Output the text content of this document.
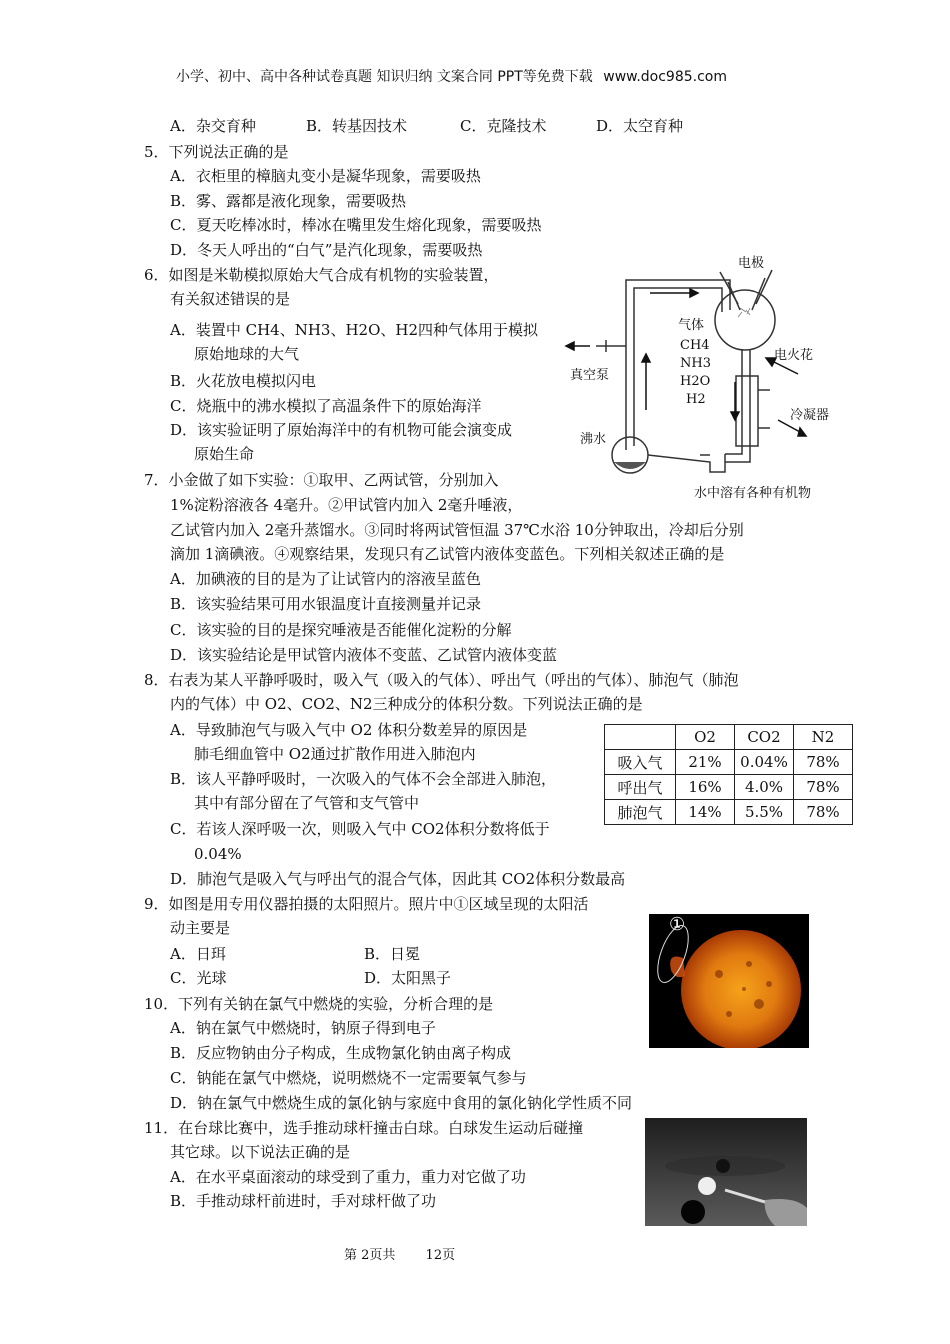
小学、初中、高中各种试卷真题 知识归纳 文案合同 PPT等免费下载 www.doc985.com
A．杂交育种	B．转基因技术	C．克隆技术	D．太空育种
5．下列说法正确的是
A．衣柜里的樟脑丸变小是凝华现象，需要吸热
B．雾、露都是液化现象，需要吸热
C．夏天吃棒冰时，棒冰在嘴里发生熔化现象，需要吸热
D．冬天人呼出的“白气”是汽化现象，需要吸热
6．如图是米勒模拟原始大气合成有机物的实验装置，
有关叙述错误的是
A．装置中 CH4、NH3、H2O、H2四种气体用于模拟
原始地球的大气
B．火花放电模拟闪电
C．烧瓶中的沸水模拟了高温条件下的原始海洋
D．该实验证明了原始海洋中的有机物可能会演变成
原始生命
电极
气体
CH4
NH3
H2O
H2
电火花
真空泵
冷凝器
沸水
水中溶有各种有机物
7．小金做了如下实验：①取甲、乙两试管，分别加入
1%淀粉溶液各 4毫升。②甲试管内加入 2毫升唾液，
乙试管内加入 2毫升蒸馏水。③同时将两试管恒温 37℃水浴 10分钟取出，冷却后分别
滴加 1滴碘液。④观察结果，发现只有乙试管内液体变蓝色。下列相关叙述正确的是
A．加碘液的目的是为了让试管内的溶液呈蓝色
B．该实验结果可用水银温度计直接测量并记录
C．该实验的目的是探究唾液是否能催化淀粉的分解
D．该实验结论是甲试管内液体不变蓝、乙试管内液体变蓝
8．右表为某人平静呼吸时，吸入气（吸入的气体）、呼出气（呼出的气体）、肺泡气（肺泡
内的气体）中 O2、CO2、N2三种成分的体积分数。下列说法正确的是
A．导致肺泡气与吸入气中 O2 体积分数差异的原因是
肺毛细血管中 O2通过扩散作用进入肺泡内
B．该人平静呼吸时，一次吸入的气体不会全部进入肺泡，
其中有部分留在了气管和支气管中
C．若该人深呼吸一次，则吸入气中 CO2体积分数将低于
0.04%
D．肺泡气是吸入气与呼出气的混合气体，因此其 CO2体积分数最高
	O2	CO2	N2
吸入气	21%	0.04%	78%
呼出气	16%	4.0%	78%
肺泡气	14%	5.5%	78%
9．如图是用专用仪器拍摄的太阳照片。照片中①区域呈现的太阳活
动主要是
A．日珥	B．日冕
C．光球	D．太阳黑子
①
10．下列有关钠在氯气中燃烧的实验，分析合理的是
A．钠在氯气中燃烧时，钠原子得到电子
B．反应物钠由分子构成，生成物氯化钠由离子构成
C．钠能在氯气中燃烧，说明燃烧不一定需要氧气参与
D．钠在氯气中燃烧生成的氯化钠与家庭中食用的氯化钠化学性质不同
11．在台球比赛中，选手推动球杆撞击白球。白球发生运动后碰撞
其它球。以下说法正确的是
A．在水平桌面滚动的球受到了重力，重力对它做了功
B．手推动球杆前进时，手对球杆做了功
第 2页共 12页
